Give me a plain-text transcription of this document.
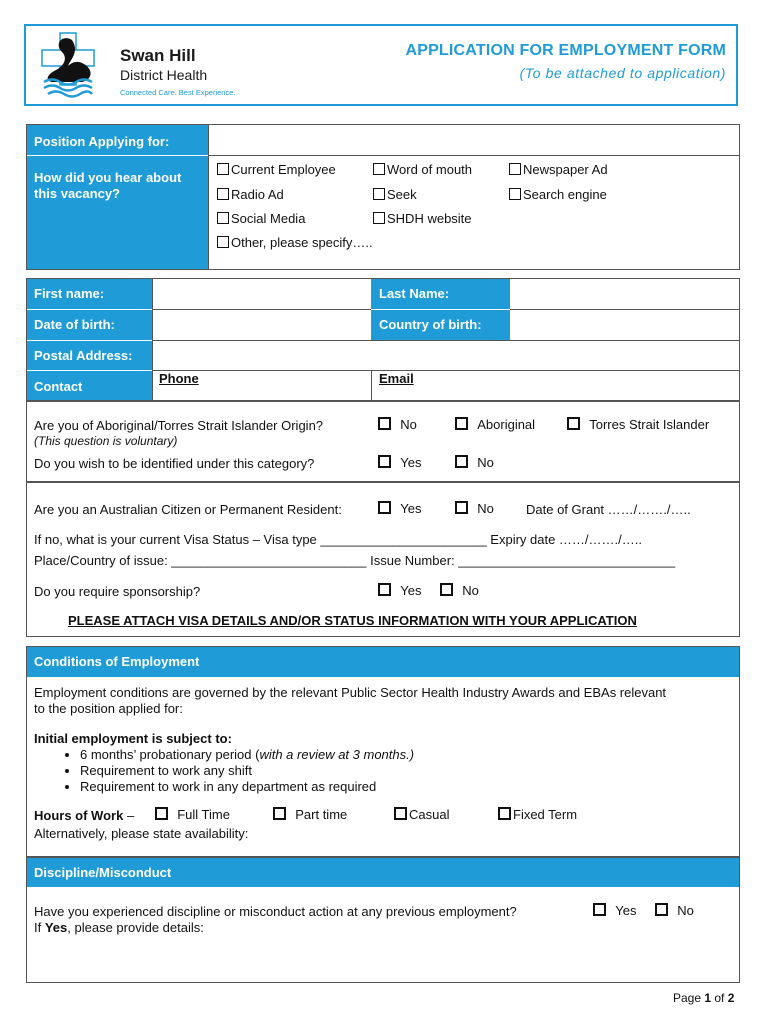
Swan Hill
District Health
Connected Care. Best Experience.
APPLICATION FOR EMPLOYMENT FORM
(To be attached to application)
Position Applying for:
How did you hear about this vacancy?
Current Employee	Word of mouth	Newspaper Ad
Radio Ad	Seek	Search engine
Social Media	SHDH website
Other, please specify…..
First name:	Last Name:
Date of birth:	Country of birth:
Postal Address:
Contact
Phone	Email
Are you of Aboriginal/Torres Strait Islander Origin?
(This question is voluntary)
No	Aboriginal	Torres Strait Islander
Do you wish to be identified under this category?	Yes	No
Are you an Australian Citizen or Permanent Resident:	Yes	No Date of Grant ……/……./…..
If no, what is your current Visa Status – Visa type _______________________ Expiry date ……/……./…..
Place/Country of issue: ___________________________ Issue Number: ______________________________
Do you require sponsorship?	Yes	No
PLEASE ATTACH VISA DETAILS AND/OR STATUS INFORMATION WITH YOUR APPLICATION
Conditions of Employment
Employment conditions are governed by the relevant Public Sector Health Industry Awards and EBAs relevant
to the position applied for:
Initial employment is subject to:
• 6 months’ probationary period (with a review at 3 months.)
• Requirement to work any shift
• Requirement to work in any department as required
Hours of Work –	Full Time	Part time	Casual	Fixed Term
Alternatively, please state availability:
Discipline/Misconduct
Have you experienced discipline or misconduct action at any previous employment?	Yes	No
If Yes, please provide details:
Page 1 of 2
